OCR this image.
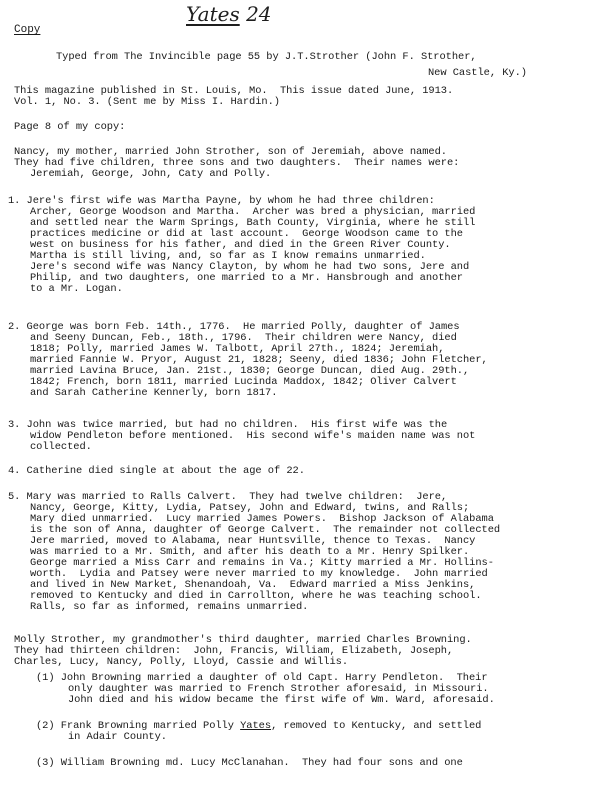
Yates 24
Copy
Typed from The Invincible page 55 by J.T.Strother (John F. Strother,
New Castle, Ky.)
This magazine published in St. Louis, Mo.  This issue dated June, 1913.
Vol. 1, No. 3. (Sent me by Miss I. Hardin.)
Page 8 of my copy:
Nancy, my mother, married John Strother, son of Jeremiah, above named.
They had five children, three sons and two daughters.  Their names were:
Jeremiah, George, John, Caty and Polly.
1. Jere's first wife was Martha Payne, by whom he had three children:
Archer, George Woodson and Martha.  Archer was bred a physician, married
and settled near the Warm Springs, Bath County, Virginia, where he still
practices medicine or did at last account.  George Woodson came to the
west on business for his father, and died in the Green River County.
Martha is still living, and, so far as I know remains unmarried.
Jere's second wife was Nancy Clayton, by whom he had two sons, Jere and
Philip, and two daughters, one married to a Mr. Hansbrough and another
to a Mr. Logan.
2. George was born Feb. 14th., 1776.  He married Polly, daughter of James
and Seeny Duncan, Feb., 18th., 1796.  Their children were Nancy, died
1818; Polly, married James W. Talbott, April 27th., 1824; Jeremiah,
married Fannie W. Pryor, August 21, 1828; Seeny, died 1836; John Fletcher,
married Lavina Bruce, Jan. 21st., 1830; George Duncan, died Aug. 29th.,
1842; French, born 1811, married Lucinda Maddox, 1842; Oliver Calvert
and Sarah Catherine Kennerly, born 1817.
3. John was twice married, but had no children.  His first wife was the
widow Pendleton before mentioned.  His second wife's maiden name was not
collected.
4. Catherine died single at about the age of 22.
5. Mary was married to Ralls Calvert.  They had twelve children:  Jere,
Nancy, George, Kitty, Lydia, Patsey, John and Edward, twins, and Ralls;
Mary died unmarried.  Lucy married James Powers.  Bishop Jackson of Alabama
is the son of Anna, daughter of George Calvert.  The remainder not collected
Jere married, moved to Alabama, near Huntsville, thence to Texas.  Nancy
was married to a Mr. Smith, and after his death to a Mr. Henry Spilker.
George married a Miss Carr and remains in Va.; Kitty married a Mr. Hollins-
worth.  Lydia and Patsey were never married to my knowledge.  John married
and lived in New Market, Shenandoah, Va.  Edward married a Miss Jenkins,
removed to Kentucky and died in Carrollton, where he was teaching school.
Ralls, so far as informed, remains unmarried.
Molly Strother, my grandmother's third daughter, married Charles Browning.
They had thirteen children:  John, Francis, William, Elizabeth, Joseph,
Charles, Lucy, Nancy, Polly, Lloyd, Cassie and Willis.
(1) John Browning married a daughter of old Capt. Harry Pendleton.  Their
only daughter was married to French Strother aforesaid, in Missouri.
John died and his widow became the first wife of Wm. Ward, aforesaid.
(2) Frank Browning married Polly Yates, removed to Kentucky, and settled
in Adair County.
(3) William Browning md. Lucy McClanahan.  They had four sons and one
